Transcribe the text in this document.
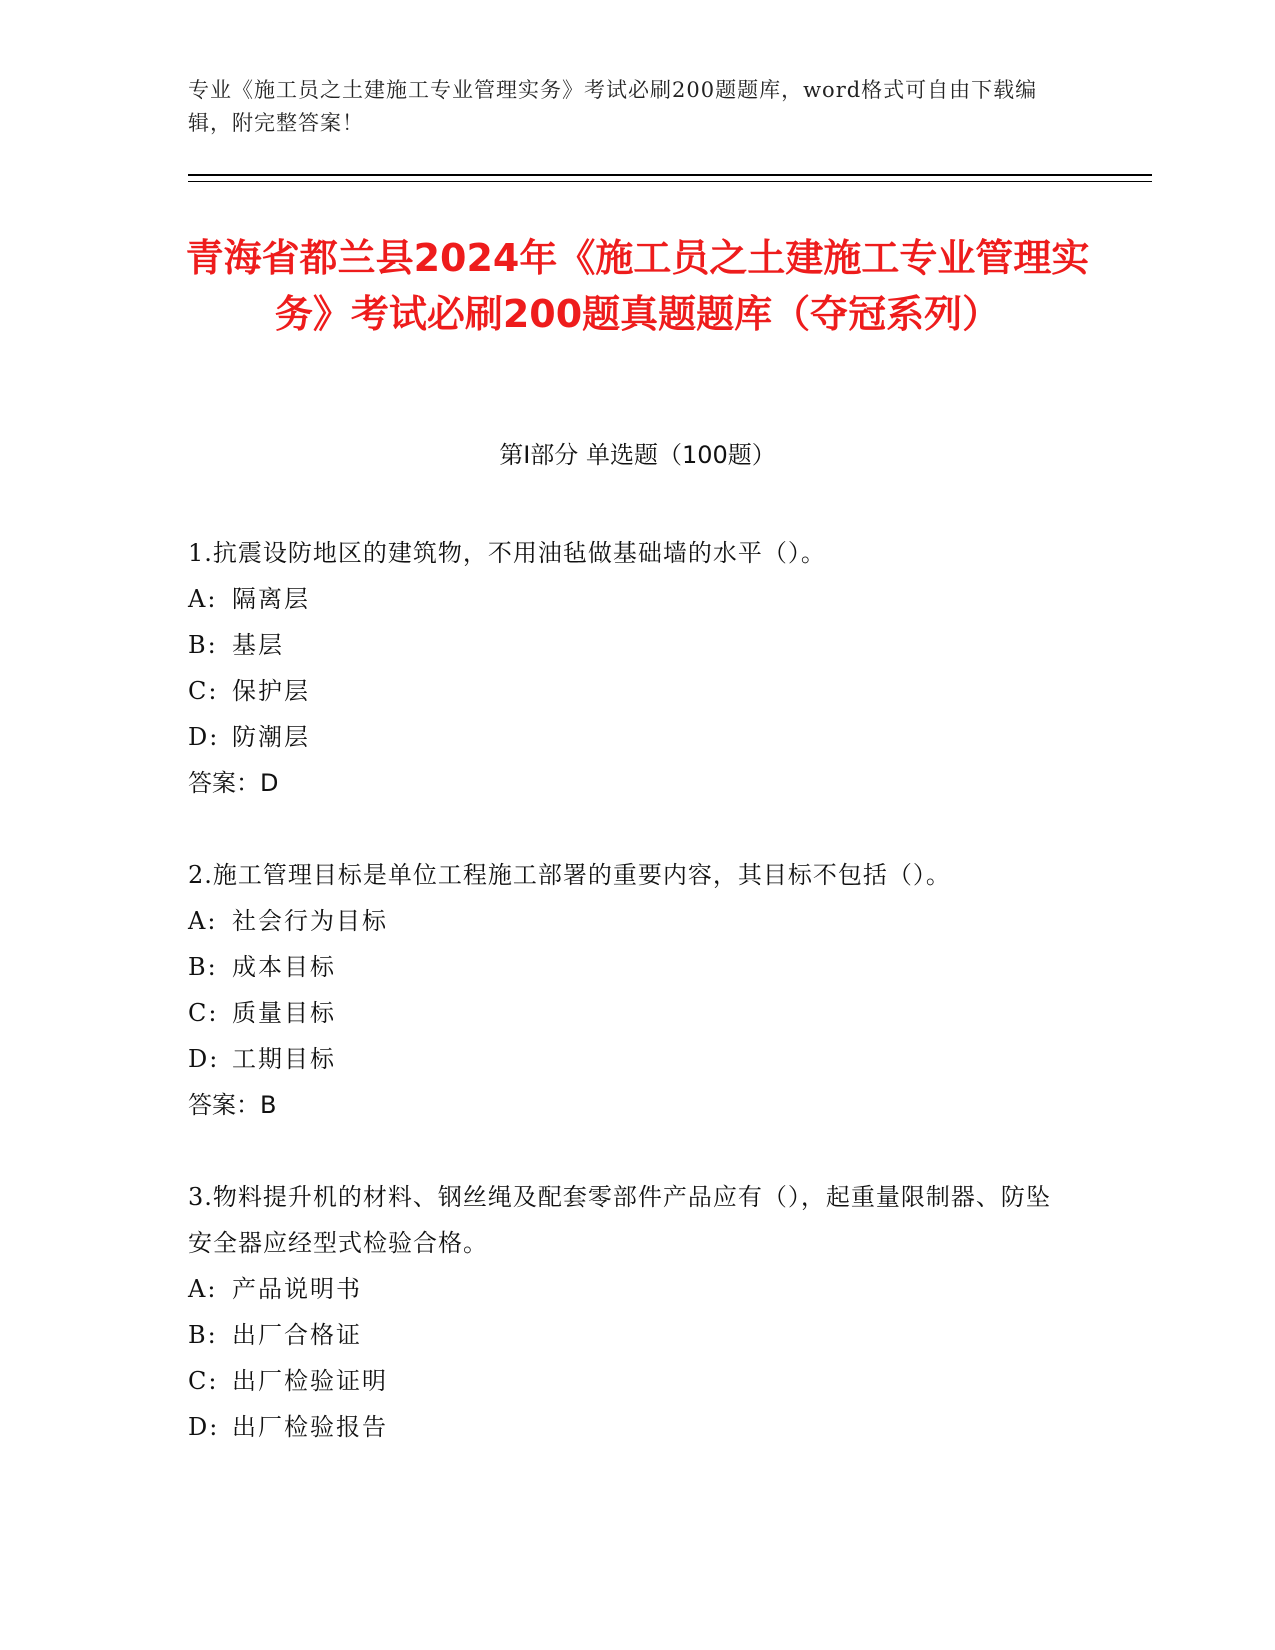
专业《施工员之土建施工专业管理实务》考试必刷200题题库，word格式可自由下载编辑，附完整答案！
青海省都兰县2024年《施工员之土建施工专业管理实务》考试必刷200题真题题库（夺冠系列）
第Ⅰ部分 单选题（100题）

1.抗震设防地区的建筑物，不用油毡做基础墙的水平（）。

A: 隔离层

B: 基层

C: 保护层

D: 防潮层

答案：D

2.施工管理目标是单位工程施工部署的重要内容，其目标不包括（）。

A: 社会行为目标

B: 成本目标

C: 质量目标

D: 工期目标

答案：B

3.物料提升机的材料、钢丝绳及配套零部件产品应有（），起重量限制器、防坠安全器应经型式检验合格。

A: 产品说明书

B: 出厂合格证

C: 出厂检验证明

D: 出厂检验报告
